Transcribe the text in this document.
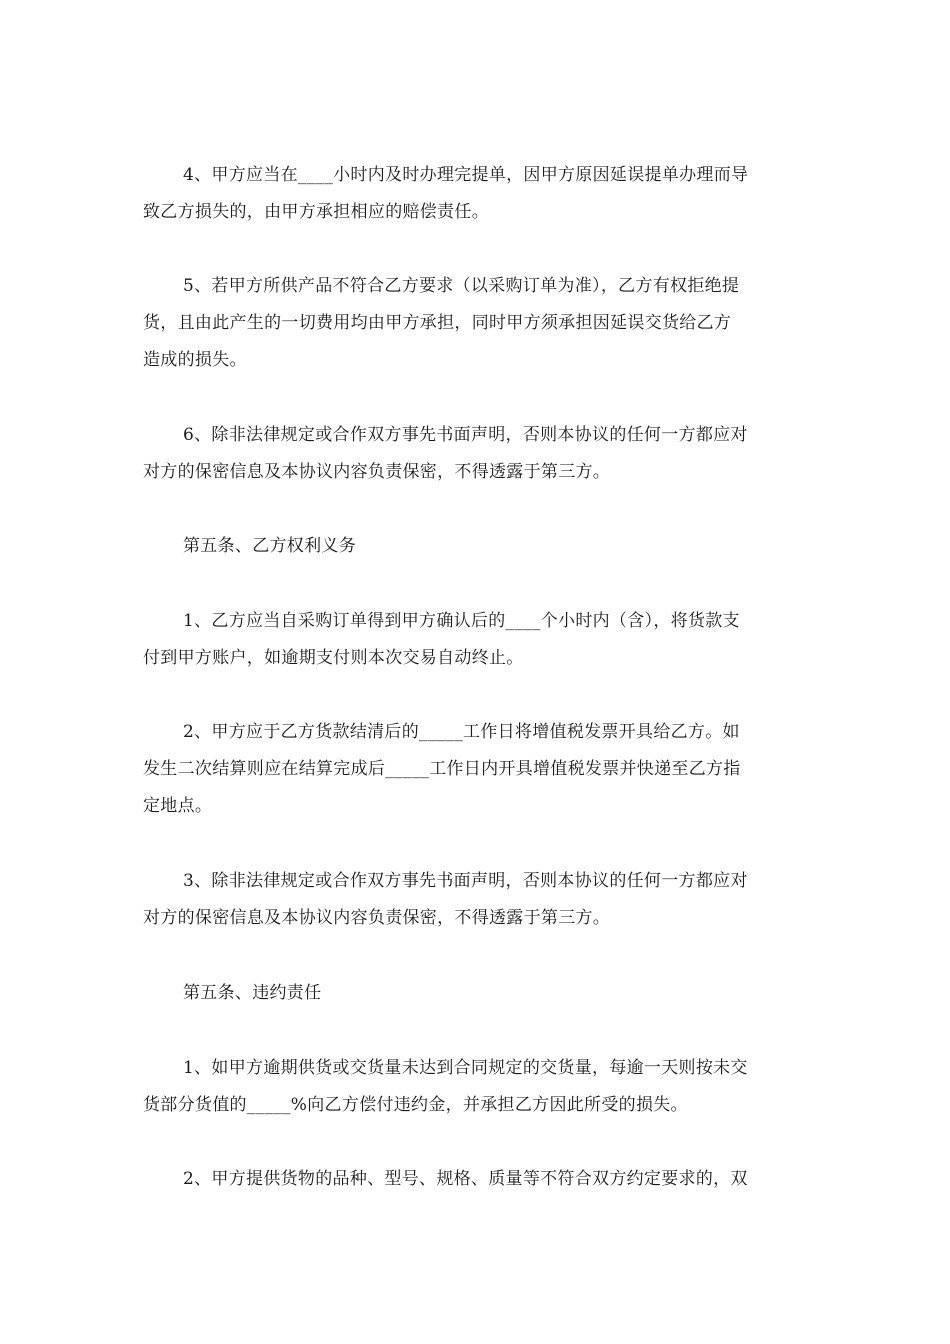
4、甲方应当在____小时内及时办理完提单，因甲方原因延误提单办理而导
致乙方损失的，由甲方承担相应的赔偿责任。

5、若甲方所供产品不符合乙方要求（以采购订单为准），乙方有权拒绝提
货，且由此产生的一切费用均由甲方承担，同时甲方须承担因延误交货给乙方
造成的损失。

6、除非法律规定或合作双方事先书面声明，否则本协议的任何一方都应对
对方的保密信息及本协议内容负责保密，不得透露于第三方。

第五条、乙方权利义务

1、乙方应当自采购订单得到甲方确认后的____个小时内（含），将货款支
付到甲方账户，如逾期支付则本次交易自动终止。

2、甲方应于乙方货款结清后的_____工作日将增值税发票开具给乙方。如
发生二次结算则应在结算完成后_____工作日内开具增值税发票并快递至乙方指
定地点。

3、除非法律规定或合作双方事先书面声明，否则本协议的任何一方都应对
对方的保密信息及本协议内容负责保密，不得透露于第三方。

第五条、违约责任

1、如甲方逾期供货或交货量未达到合同规定的交货量，每逾一天则按未交
货部分货值的_____%向乙方偿付违约金，并承担乙方因此所受的损失。

2、甲方提供货物的品种、型号、规格、质量等不符合双方约定要求的，双
